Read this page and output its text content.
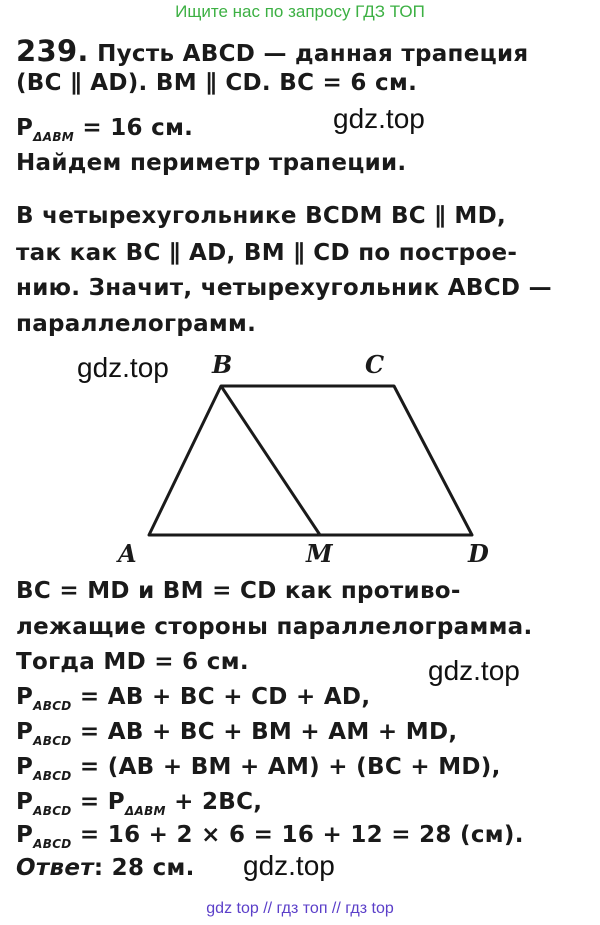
Ищите нас по запросу ГДЗ ТОП
239. Пусть ABCD — данная трапеция
(BC ∥ AD). BM ∥ CD. BC = 6 см.
$P_{\Delta ABM} = 16$ см.
Найдем периметр трапеции.
В четырехугольнике BCDM BC ∥ MD,
так как BC ∥ AD, BM ∥ CD по построе-
нию. Значит, четырехугольник ABCD —
параллелограмм.
B	C
A	M	D
BC = MD и BM = CD как противо-
лежащие стороны параллелограмма.
Тогда MD = 6 см.
$P_{ABCD}$ = AB + BC + CD + AD,
$P_{ABCD}$ = AB + BC + BM + AM + MD,
$P_{ABCD} = (AB$ + BM + AM) + (BC + MD),
$P_{ABCD} = P_{\Delta ABM} + 2BC$,
$P_{ABCD} = 16 + 2 \times 6 = 16 + 12 = 28$ (см).
Ответ: 28 см.
gdz.top
gdz.top
gdz.top
gdz.top
gdz top // гдз топ // гдз top
